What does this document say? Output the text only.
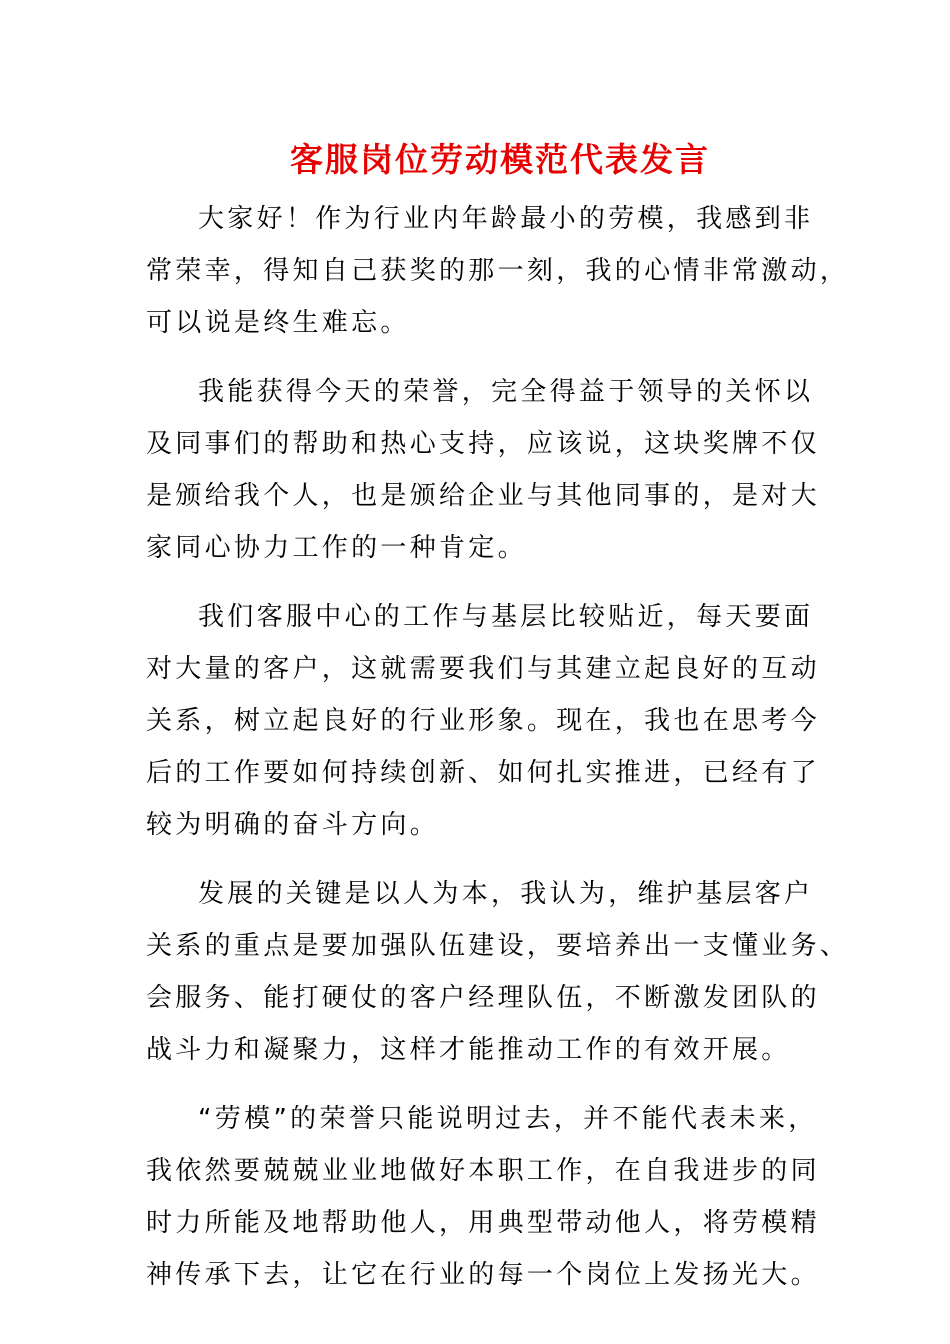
客服岗位劳动模范代表发言
大家好！作为行业内年龄最小的劳模，我感到非
常荣幸，得知自己获奖的那一刻，我的心情非常激动，
可以说是终生难忘。
我能获得今天的荣誉，完全得益于领导的关怀以
及同事们的帮助和热心支持，应该说，这块奖牌不仅
是颁给我个人，也是颁给企业与其他同事的，是对大
家同心协力工作的一种肯定。
我们客服中心的工作与基层比较贴近，每天要面
对大量的客户，这就需要我们与其建立起良好的互动
关系，树立起良好的行业形象。现在，我也在思考今
后的工作要如何持续创新、如何扎实推进，已经有了
较为明确的奋斗方向。
发展的关键是以人为本，我认为，维护基层客户
关系的重点是要加强队伍建设，要培养出一支懂业务、
会服务、能打硬仗的客户经理队伍，不断激发团队的
战斗力和凝聚力，这样才能推动工作的有效开展。
“劳模”的荣誉只能说明过去，并不能代表未来，
我依然要兢兢业业地做好本职工作，在自我进步的同
时力所能及地帮助他人，用典型带动他人，将劳模精
神传承下去，让它在行业的每一个岗位上发扬光大。
